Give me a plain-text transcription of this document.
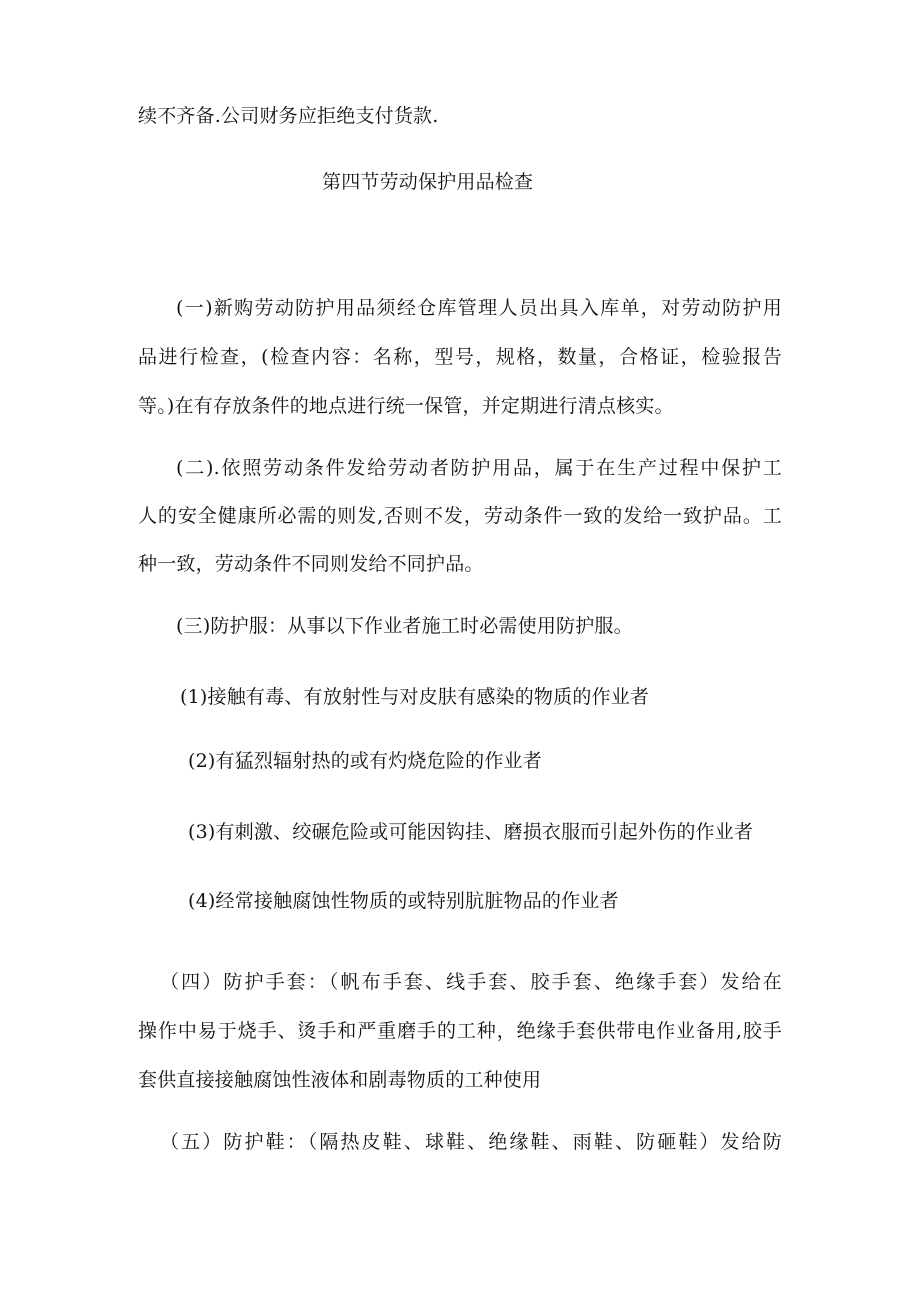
续不齐备.公司财务应拒绝支付货款.
第四节劳动保护用品检查
(一)新购劳动防护用品须经仓库管理人员出具入库单，对劳动防护用
品进行检查，(检查内容：名称，型号，规格，数量，合格证，检验报告
等。)在有存放条件的地点进行统一保管，并定期进行清点核实。
(二).依照劳动条件发给劳动者防护用品，属于在生产过程中保护工
人的安全健康所必需的则发,否则不发，劳动条件一致的发给一致护品。工
种一致，劳动条件不同则发给不同护品。
(三)防护服：从事以下作业者施工时必需使用防护服。
(1)接触有毒、有放射性与对皮肤有感染的物质的作业者
(2)有猛烈辐射热的或有灼烧危险的作业者
(3)有刺激、绞碾危险或可能因钩挂、磨损衣服而引起外伤的作业者
(4)经常接触腐蚀性物质的或特别肮脏物品的作业者
（四）防护手套：（帆布手套、线手套、胶手套、绝缘手套）发给在
操作中易于烧手、烫手和严重磨手的工种，绝缘手套供带电作业备用,胶手
套供直接接触腐蚀性液体和剧毒物质的工种使用
（五）防护鞋：（隔热皮鞋、球鞋、绝缘鞋、雨鞋、防砸鞋）发给防
